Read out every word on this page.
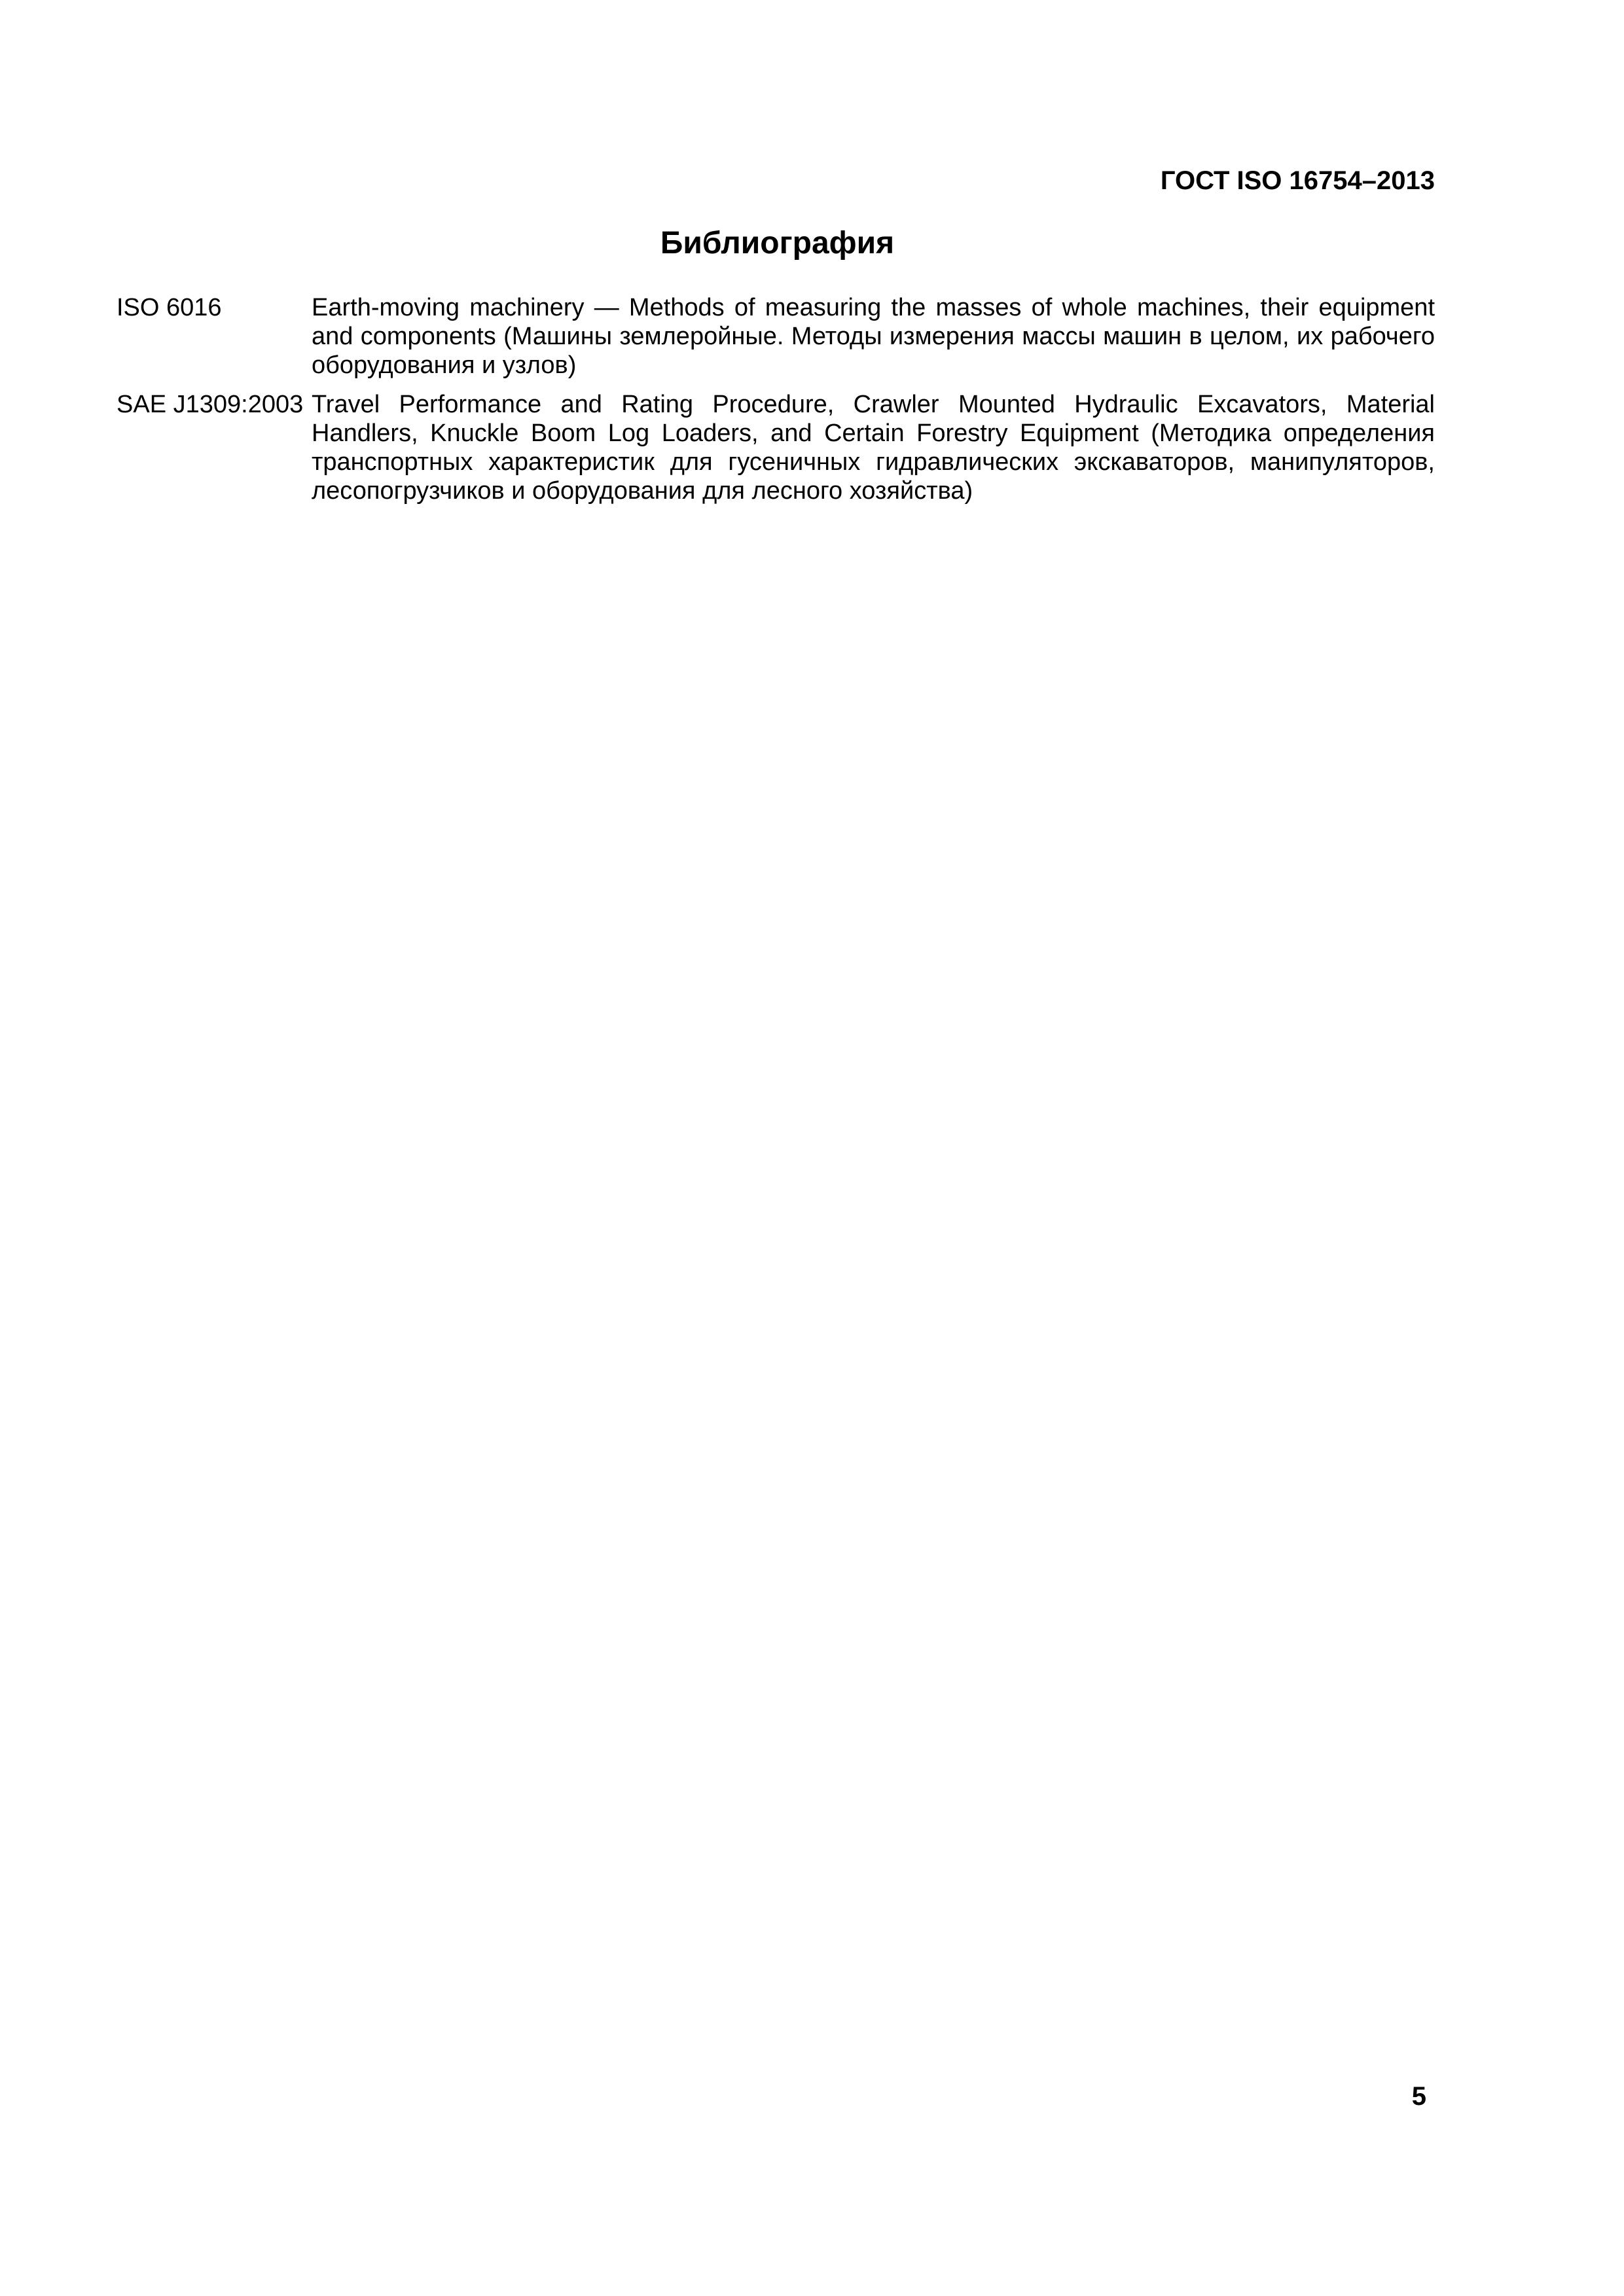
ГОСТ ISO 16754–2013
Библиография
ISO 6016	Earth-moving machinery — Methods of measuring the masses of whole machines, their equipment and components (Машины землеройные. Методы измерения массы машин в целом, их рабочего оборудования и узлов)
SAE J1309:2003 Travel Performance and Rating Procedure, Crawler Mounted Hydraulic Excavators, Material Handlers, Knuckle Boom Log Loaders, and Certain Forestry Equipment (Методика определения транспортных характеристик для гусеничных гидравлических экскаваторов, манипуляторов, лесопогрузчиков и оборудования для лесного хозяйства)
5
